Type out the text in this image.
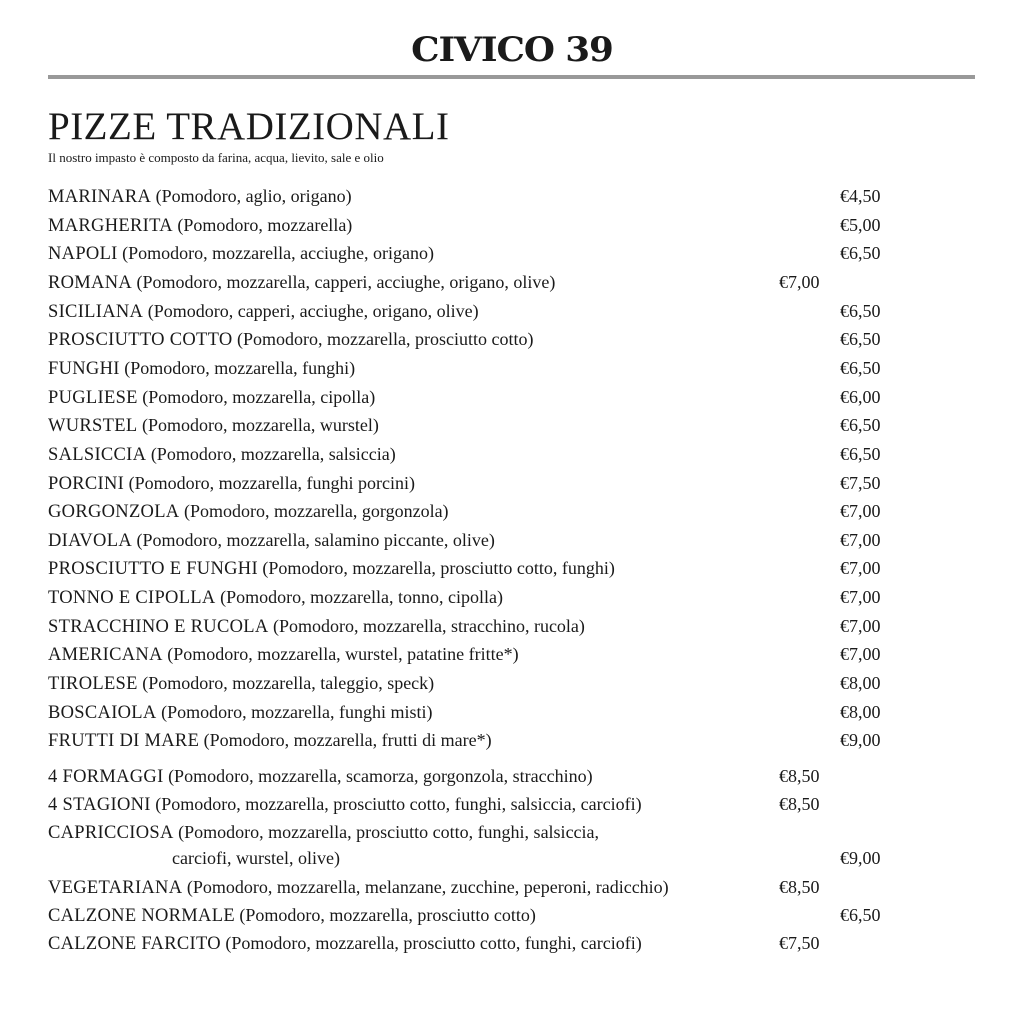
CIVICO 39
PIZZE TRADIZIONALI
Il nostro impasto è composto da farina, acqua, lievito, sale e olio
MARINARA (Pomodoro, aglio, origano)	€4,50
MARGHERITA (Pomodoro, mozzarella)	€5,00
NAPOLI (Pomodoro, mozzarella, acciughe, origano)	€6,50
ROMANA (Pomodoro, mozzarella, capperi, acciughe, origano, olive)	€7,00
SICILIANA (Pomodoro, capperi, acciughe, origano, olive)	€6,50
PROSCIUTTO COTTO (Pomodoro, mozzarella, prosciutto cotto)	€6,50
FUNGHI (Pomodoro, mozzarella, funghi)	€6,50
PUGLIESE (Pomodoro, mozzarella, cipolla)	€6,00
WURSTEL (Pomodoro, mozzarella, wurstel)	€6,50
SALSICCIA (Pomodoro, mozzarella, salsiccia)	€6,50
PORCINI (Pomodoro, mozzarella, funghi porcini)	€7,50
GORGONZOLA (Pomodoro, mozzarella, gorgonzola)	€7,00
DIAVOLA (Pomodoro, mozzarella, salamino piccante, olive)	€7,00
PROSCIUTTO E FUNGHI (Pomodoro, mozzarella, prosciutto cotto, funghi)	€7,00
TONNO E CIPOLLA (Pomodoro, mozzarella, tonno, cipolla)	€7,00
STRACCHINO E RUCOLA (Pomodoro, mozzarella, stracchino, rucola)	€7,00
AMERICANA (Pomodoro, mozzarella, wurstel, patatine fritte*)	€7,00
TIROLESE (Pomodoro, mozzarella, taleggio, speck)	€8,00
BOSCAIOLA (Pomodoro, mozzarella, funghi misti)	€8,00
FRUTTI DI MARE (Pomodoro, mozzarella, frutti di mare*)	€9,00
4 FORMAGGI (Pomodoro, mozzarella, scamorza, gorgonzola, stracchino)	€8,50
4 STAGIONI (Pomodoro, mozzarella, prosciutto cotto, funghi, salsiccia, carciofi)	€8,50
CAPRICCIOSA (Pomodoro, mozzarella, prosciutto cotto, funghi, salsiccia,
carciofi, wurstel, olive)	€9,00
VEGETARIANA (Pomodoro, mozzarella, melanzane, zucchine, peperoni, radicchio)	€8,50
CALZONE NORMALE (Pomodoro, mozzarella, prosciutto cotto)	€6,50
CALZONE FARCITO (Pomodoro, mozzarella, prosciutto cotto, funghi, carciofi)	€7,50
